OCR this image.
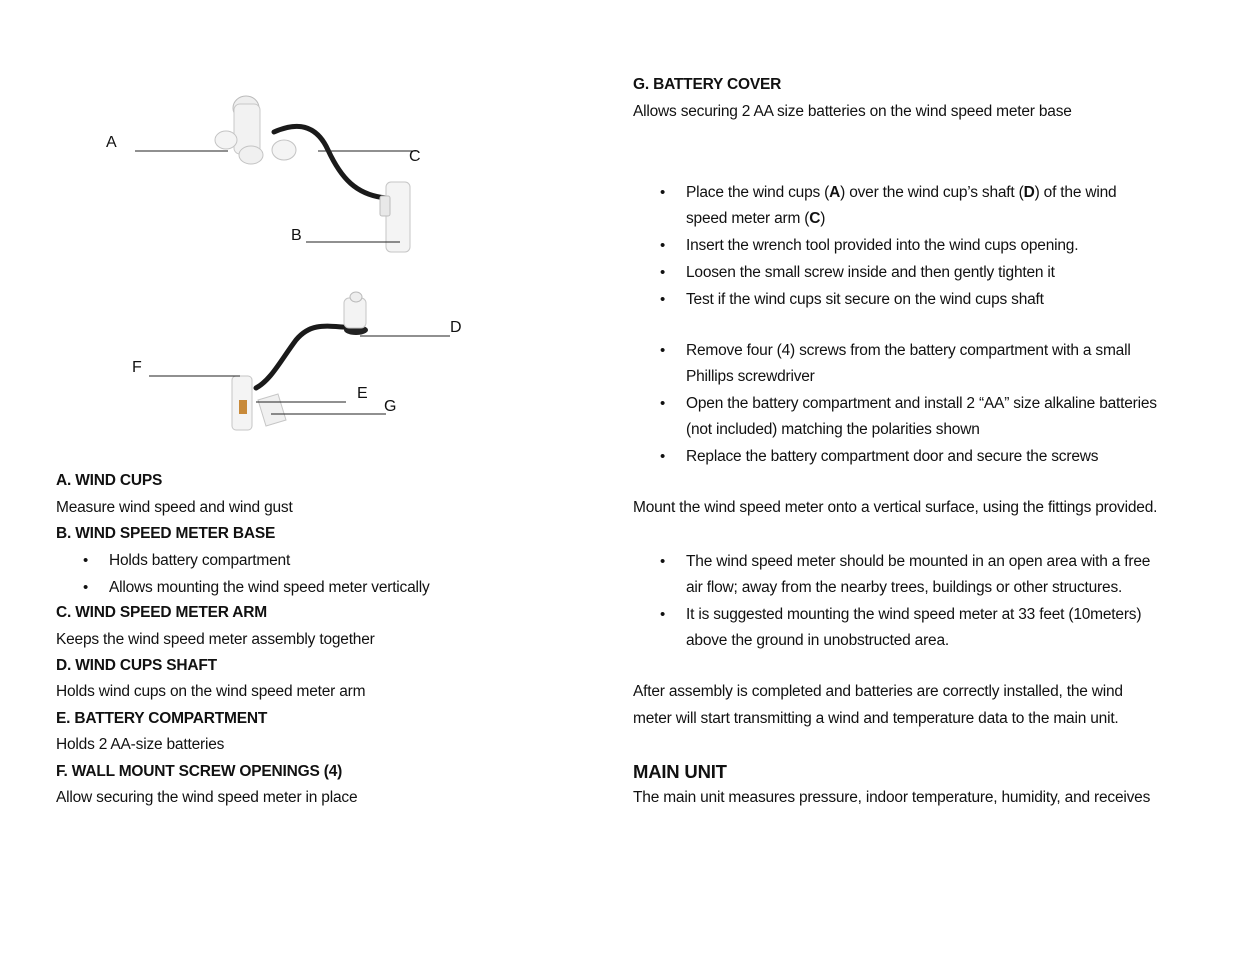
A
C
B
D
F
E
G
A. WIND CUPS
Measure wind speed and wind gust
B. WIND SPEED METER BASE
• Holds battery compartment
• Allows mounting the wind speed meter vertically
C. WIND SPEED METER ARM
Keeps the wind speed meter assembly together
D. WIND CUPS SHAFT
Holds wind cups on the wind speed meter arm
E. BATTERY COMPARTMENT
Holds 2 AA-size batteries
F. WALL MOUNT SCREW OPENINGS (4)
Allow securing the wind speed meter in place
G. BATTERY COVER
Allows securing 2 AA size batteries on the wind speed meter base
• Place the wind cups (A) over the wind cup’s shaft (D) of the wind
speed meter arm (C)
• Insert the wrench tool provided into the wind cups opening.
• Loosen the small screw inside and then gently tighten it
• Test if the wind cups sit secure on the wind cups shaft
• Remove four (4) screws from the battery compartment with a small
Phillips screwdriver
• Open the battery compartment and install 2 “AA” size alkaline batteries
(not included) matching the polarities shown
• Replace the battery compartment door and secure the screws
Mount the wind speed meter onto a vertical surface, using the fittings provided.
• The wind speed meter should be mounted in an open area with a free
air flow; away from the nearby trees, buildings or other structures.
• It is suggested mounting the wind speed meter at 33 feet (10meters)
above the ground in unobstructed area.
After assembly is completed and batteries are correctly installed, the wind
meter will start transmitting a wind and temperature data to the main unit.
MAIN UNIT
The main unit measures pressure, indoor temperature, humidity, and receives
